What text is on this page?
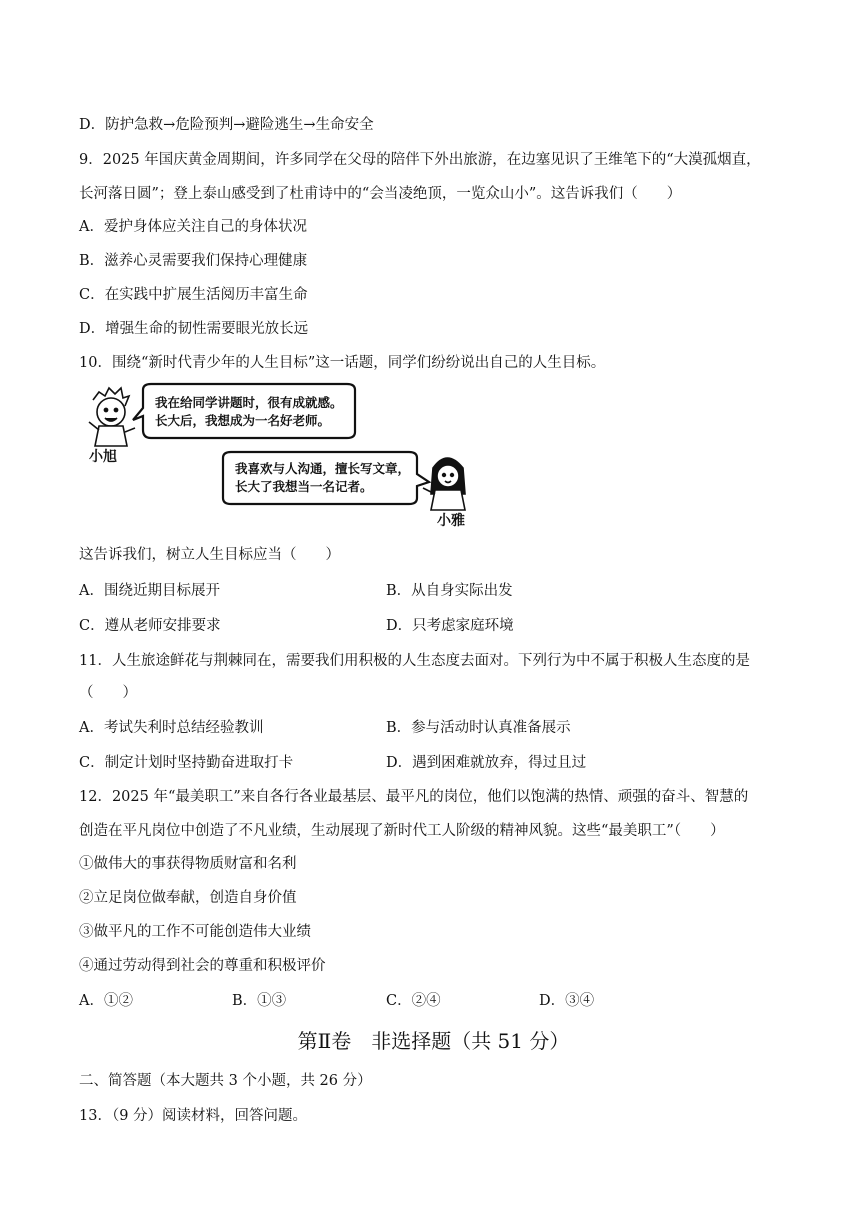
D．防护急救→危险预判→避险逃生→生命安全
9．2025 年国庆黄金周期间，许多同学在父母的陪伴下外出旅游，在边塞见识了王维笔下的“大漠孤烟直，
长河落日圆”；登上泰山感受到了杜甫诗中的“会当凌绝顶，一览众山小”。这告诉我们（　　）
A．爱护身体应关注自己的身体状况
B．滋养心灵需要我们保持心理健康
C．在实践中扩展生活阅历丰富生命
D．增强生命的韧性需要眼光放长远
10．围绕“新时代青少年的人生目标”这一话题，同学们纷纷说出自己的人生目标。
我在给同学讲题时，很有成就感。
长大后，我想成为一名好老师。
小旭
我喜欢与人沟通，擅长写文章，
长大了我想当一名记者。
小雅
这告诉我们，树立人生目标应当（　　）
A．围绕近期目标展开	B．从自身实际出发
C．遵从老师安排要求	D．只考虑家庭环境
11．人生旅途鲜花与荆棘同在，需要我们用积极的人生态度去面对。下列行为中不属于积极人生态度的是
（　　）
A．考试失利时总结经验教训	B．参与活动时认真准备展示
C．制定计划时坚持勤奋进取打卡	D．遇到困难就放弃，得过且过
12．2025 年“最美职工”来自各行各业最基层、最平凡的岗位，他们以饱满的热情、顽强的奋斗、智慧的
创造在平凡岗位中创造了不凡业绩，生动展现了新时代工人阶级的精神风貌。这些“最美职工”（　　）
①做伟大的事获得物质财富和名利
②立足岗位做奉献，创造自身价值
③做平凡的工作不可能创造伟大业绩
④通过劳动得到社会的尊重和积极评价
A．①②	B．①③	C．②④	D．③④
第Ⅱ卷　非选择题（共 51 分）
二、简答题（本大题共 3 个小题，共 26 分）
13．（9 分）阅读材料，回答问题。
